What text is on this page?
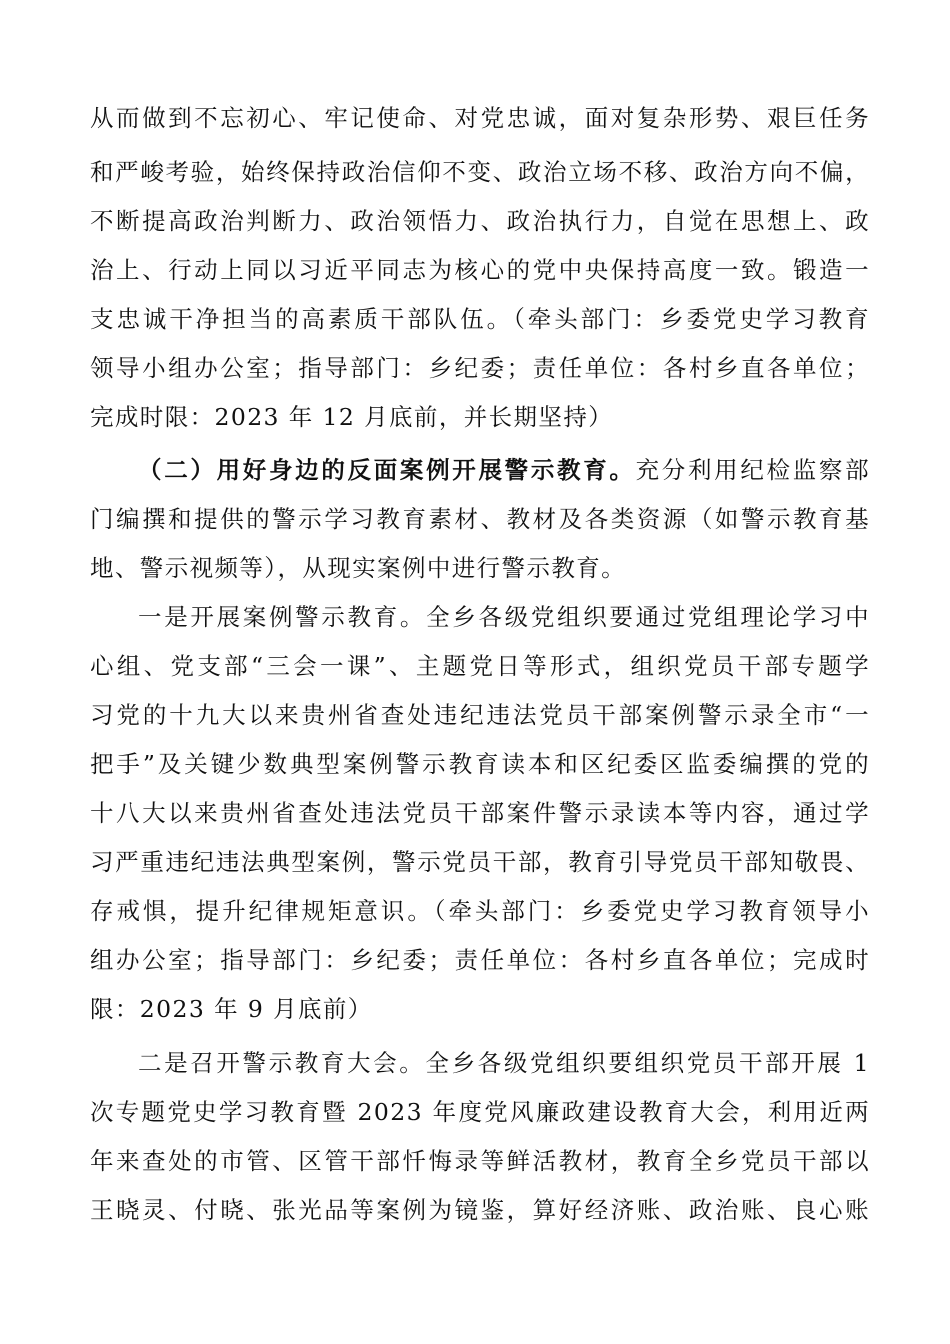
从而做到不忘初心、牢记使命、对党忠诚，面对复杂形势、艰巨任务
和严峻考验，始终保持政治信仰不变、政治立场不移、政治方向不偏，
不断提高政治判断力、政治领悟力、政治执行力，自觉在思想上、政
治上、行动上同以习近平同志为核心的党中央保持高度一致。锻造一
支忠诚干净担当的高素质干部队伍。（牵头部门：乡委党史学习教育
领导小组办公室；指导部门：乡纪委；责任单位：各村乡直各单位；
完成时限：2023 年 12 月底前，并长期坚持）
（二）用好身边的反面案例开展警示教育。充分利用纪检监察部
门编撰和提供的警示学习教育素材、教材及各类资源（如警示教育基
地、警示视频等），从现实案例中进行警示教育。
一是开展案例警示教育。全乡各级党组织要通过党组理论学习中
心组、党支部“三会一课”、主题党日等形式，组织党员干部专题学
习党的十九大以来贵州省查处违纪违法党员干部案例警示录全市“一
把手”及关键少数典型案例警示教育读本和区纪委区监委编撰的党的
十八大以来贵州省查处违法党员干部案件警示录读本等内容，通过学
习严重违纪违法典型案例，警示党员干部，教育引导党员干部知敬畏、
存戒惧，提升纪律规矩意识。（牵头部门：乡委党史学习教育领导小
组办公室；指导部门：乡纪委；责任单位：各村乡直各单位；完成时
限：2023 年 9 月底前）
二是召开警示教育大会。全乡各级党组织要组织党员干部开展 1
次专题党史学习教育暨 2023 年度党风廉政建设教育大会，利用近两
年来查处的市管、区管干部忏悔录等鲜活教材，教育全乡党员干部以
王晓灵、付晓、张光品等案例为镜鉴，算好经济账、政治账、良心账
